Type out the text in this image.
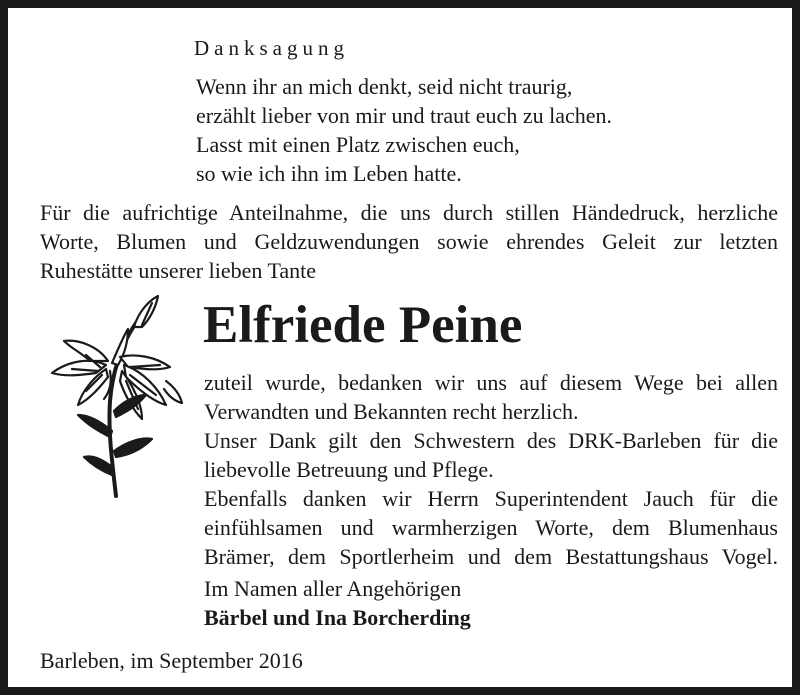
Danksagung
Wenn ihr an mich denkt, seid nicht traurig,
erzählt lieber von mir und traut euch zu lachen.
Lasst mit einen Platz zwischen euch,
so wie ich ihn im Leben hatte.
Für die aufrichtige Anteilnahme, die uns durch stillen Händedruck, herzliche
Worte, Blumen und Geldzuwendungen sowie ehrendes Geleit zur letzten
Ruhestätte unserer lieben Tante
Elfriede Peine
zuteil wurde, bedanken wir uns auf diesem Wege bei allen
Verwandten und Bekannten recht herzlich.
Unser Dank gilt den Schwestern des DRK-Barleben für die
liebevolle Betreuung und Pflege.
Ebenfalls danken wir Herrn Superintendent Jauch für die
einfühlsamen und warmherzigen Worte, dem Blumenhaus
Brämer, dem Sportlerheim und dem Bestattungshaus Vogel.
Im Namen aller Angehörigen
Bärbel und Ina Borcherding
Barleben, im September 2016
